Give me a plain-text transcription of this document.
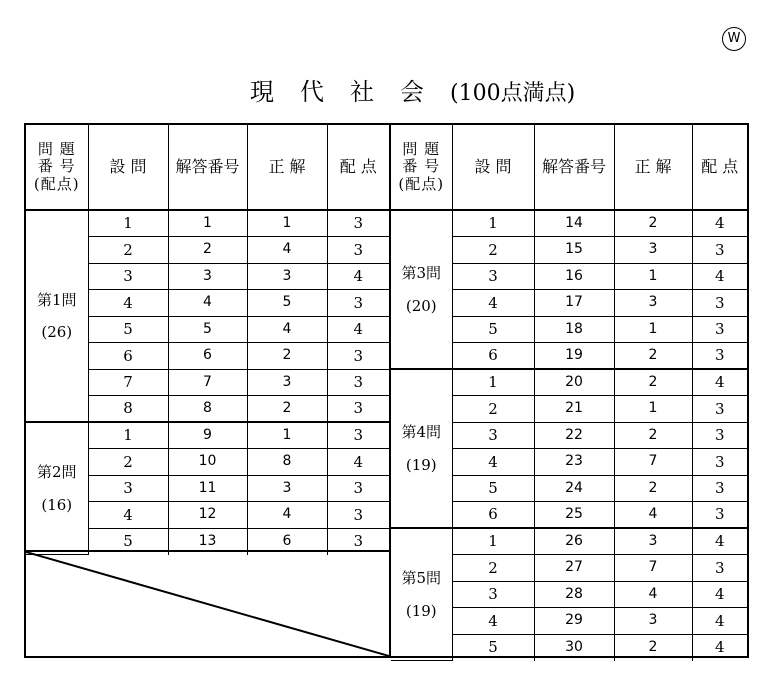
W
現代社会(100点満点)
問 題
番 号
(配点)	設 問	解答番号	正 解	配 点
第1問
(26)	1	1	1	3
	2	2	4	3
	3	3	3	4
	4	4	5	3
	5	5	4	4
	6	6	2	3
	7	7	3	3
	8	8	2	3
第2問
(16)	1	9	1	3
	2	10	8	4
	3	11	3	3
	4	12	4	3
	5	13	6	3
問 題
番 号
(配点)	設 問	解答番号	正 解	配 点
第3問
(20)	1	14	2	4
	2	15	3	3
	3	16	1	4
	4	17	3	3
	5	18	1	3
	6	19	2	3
第4問
(19)	1	20	2	4
	2	21	1	3
	3	22	2	3
	4	23	7	3
	5	24	2	3
	6	25	4	3
第5問
(19)	1	26	3	4
	2	27	7	3
	3	28	4	4
	4	29	3	4
	5	30	2	4
